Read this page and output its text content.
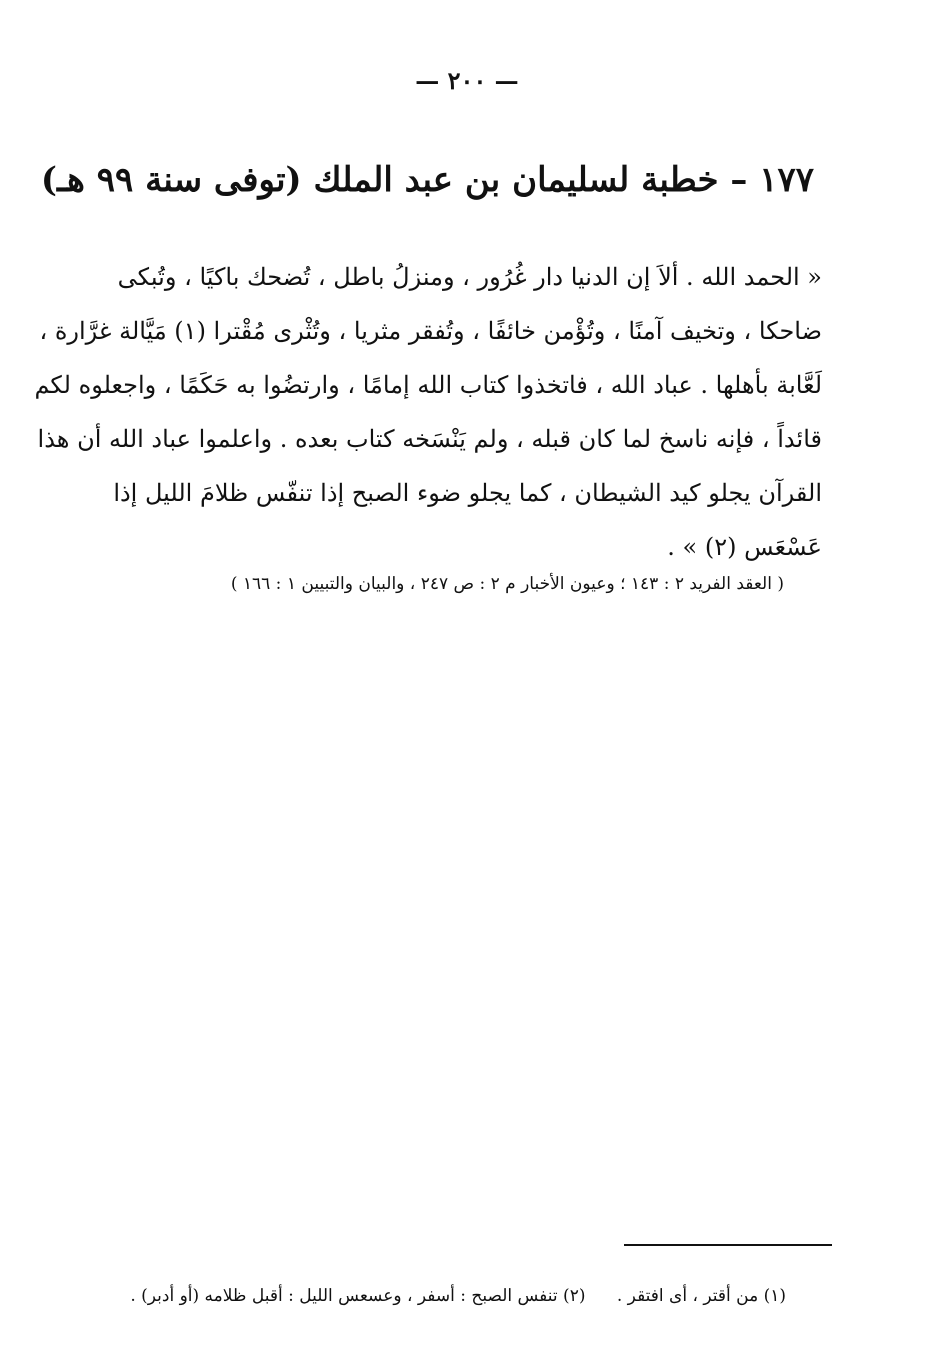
— ٢٠٠ —
١٧٧ – خطبة لسليمان بن عبد الملك (توفى سنة ٩٩ هـ)
« الحمد الله . ألاَ إن الدنيا دار غُرُور ، ومنزلُ باطل ، تُضحك باكيًا ، وتُبكى
ضاحكا ، وتخيف آمنًا ، وتُؤْمن خائفًا ، وتُفقر مثريا ، وتُثْرى مُقْترا (١) مَيَّالة غرَّارة ،
لَعَّابة بأهلها . عباد الله ، فاتخذوا كتاب الله إمامًا ، وارتضُوا به حَكَمًا ، واجعلوه لكم
قائداً ، فإنه ناسخ لما كان قبله ، ولم يَنْسَخه كتاب بعده . واعلموا عباد الله أن هذا
القرآن يجلو كيد الشيطان ، كما يجلو ضوء الصبح إذا تنفّس ظلامَ الليل إذا
عَسْعَس (٢) » .
( العقد الفريد ٢ : ١٤٣ ؛ وعيون الأخبار م ٢ : ص ٢٤٧ ، والبيان والتبيين ١ : ١٦٦ )
(١) من أقتر ، أى افتقر . (٢) تنفس الصبح : أسفر ، وعسعس الليل : أقبل ظلامه (أو أدبر) .
